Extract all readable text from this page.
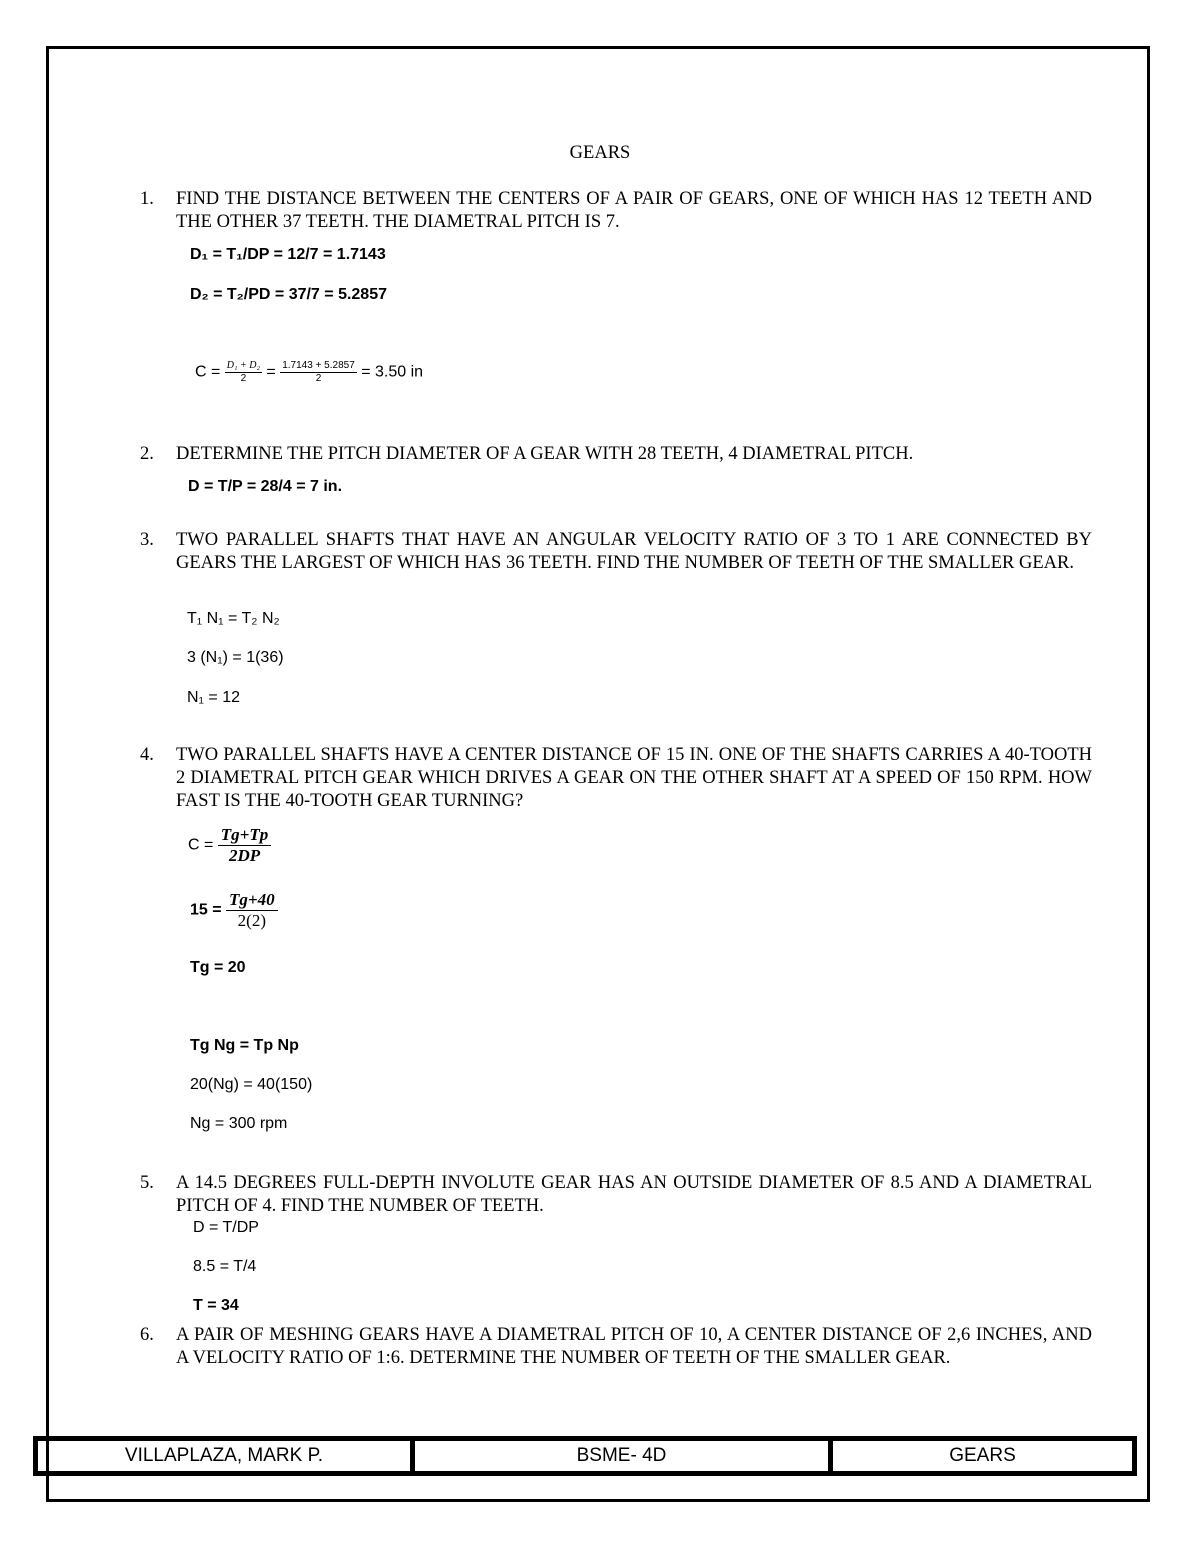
GEARS
1.	FIND THE DISTANCE BETWEEN THE CENTERS OF A PAIR OF GEARS, ONE OF WHICH HAS 12 TEETH AND THE OTHER 37 TEETH. THE DIAMETRAL PITCH IS 7.
D₁ = T₁/DP = 12/7 = 1.7143
D₂ = T₂/PD = 37/7 = 5.2857
$C = \frac{\text{D₁ + D₂}}{2} = \frac{1.7143 + 5.2857}{2} = 3.50$ in
2.	DETERMINE THE PITCH DIAMETER OF A GEAR WITH 28 TEETH, 4 DIAMETRAL PITCH.
D = T/P = 28/4 = 7 in.
3.	TWO PARALLEL SHAFTS THAT HAVE AN ANGULAR VELOCITY RATIO OF 3 TO 1 ARE CONNECTED BY GEARS THE LARGEST OF WHICH HAS 36 TEETH. FIND THE NUMBER OF TEETH OF THE SMALLER GEAR.
T₁ N₁ = T₂ N₂
3 (N₁) = 1(36)
N₁ = 12
4.	TWO PARALLEL SHAFTS HAVE A CENTER DISTANCE OF 15 IN. ONE OF THE SHAFTS CARRIES A 40-TOOTH 2 DIAMETRAL PITCH GEAR WHICH DRIVES A GEAR ON THE OTHER SHAFT AT A SPEED OF 150 RPM. HOW FAST IS THE 40-TOOTH GEAR TURNING?
$C = \frac{Tg+Tp}{2DP}$
$15 = \frac{Tg+40}{2(2)}$
Tg = 20
Tg Ng = Tp Np
20(Ng) = 40(150)
Ng = 300 rpm
5.	A 14.5 DEGREES FULL-DEPTH INVOLUTE GEAR HAS AN OUTSIDE DIAMETER OF 8.5 AND A DIAMETRAL PITCH OF 4. FIND THE NUMBER OF TEETH.
D = T/DP
8.5 = T/4
T = 34
6.	A PAIR OF MESHING GEARS HAVE A DIAMETRAL PITCH OF 10, A CENTER DISTANCE OF 2,6 INCHES, AND A VELOCITY RATIO OF 1:6. DETERMINE THE NUMBER OF TEETH OF THE SMALLER GEAR.
VILLAPLAZA, MARK P.	BSME- 4D	GEARS
